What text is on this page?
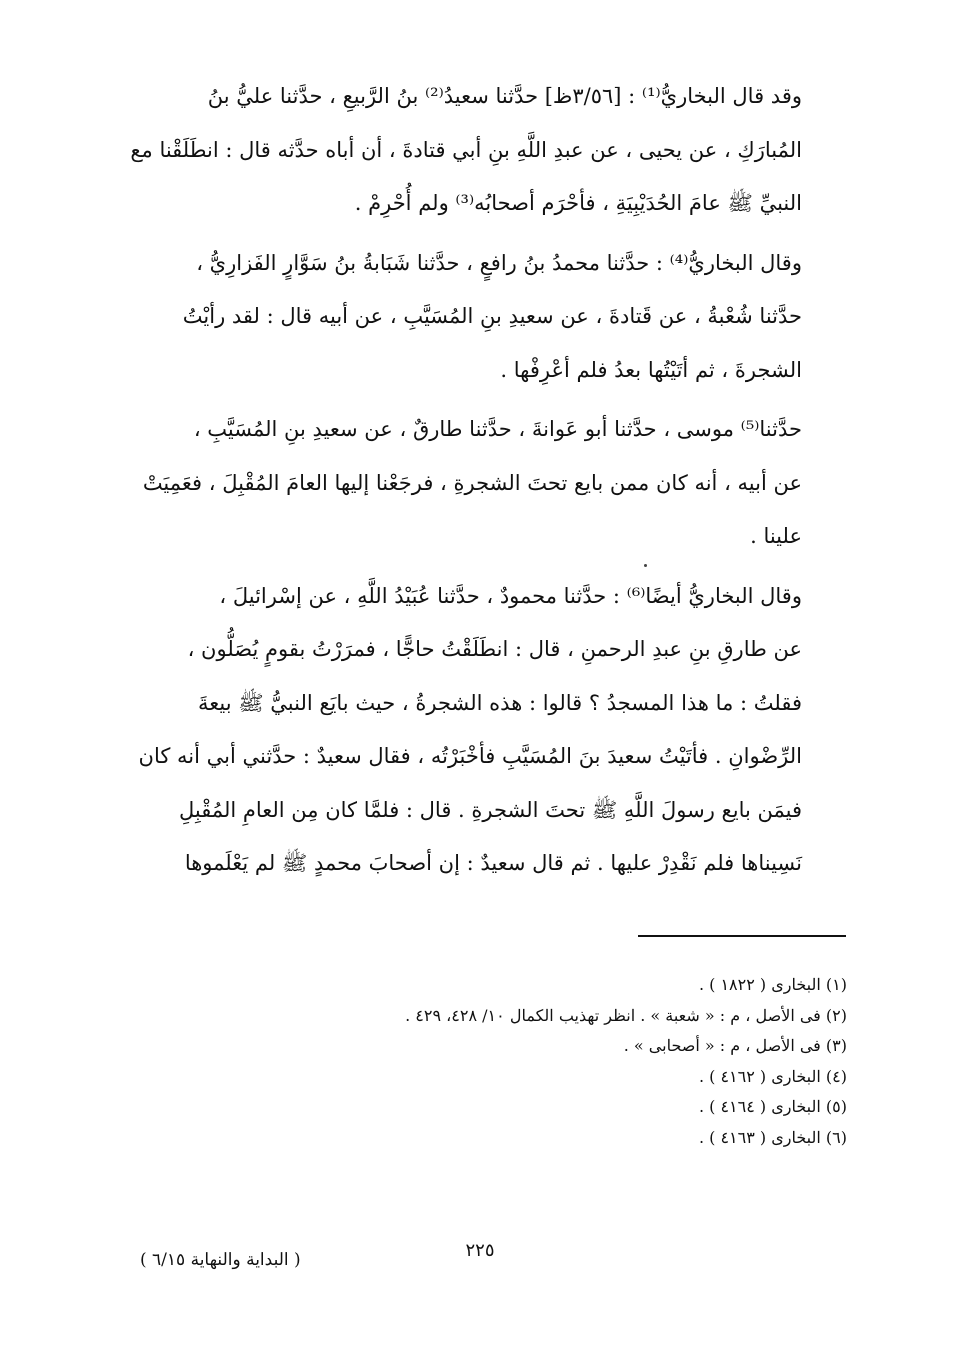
وقد قال البخاريُّ⁽¹⁾ : [٣/٥٦ظ] حدَّثنا سعيدُ⁽²⁾ بنُ الرَّبيعِ ، حدَّثنا عليُّ بنُ
المُبارَكِ ، عن يحيى ، عن عبدِ اللَّهِ بنِ أبي قتادةَ ، أن أباه حدَّثه قال : انطَلَقْنا مع
النبيِّ ﷺ عامَ الحُدَيْبِيَةِ ، فأحْرَم أصحابُه⁽³⁾ ولم أُحْرِمْ .

وقال البخاريُّ⁽⁴⁾ : حدَّثنا محمدُ بنُ رافعٍ ، حدَّثنا شَبَابةُ بنُ سَوَّارٍ الفَزارِيُّ ،
حدَّثنا شُعْبةُ ، عن قَتادةَ ، عن سعيدِ بنِ المُسَيَّبِ ، عن أبيه قال : لقد رأيْتُ
الشجرةَ ، ثم أتَيْتُها بعدُ فلم أعْرِفْها .

حدَّثنا⁽⁵⁾ موسى ، حدَّثنا أبو عَوانةَ ، حدَّثنا طارقٌ ، عن سعيدِ بنِ المُسَيَّبِ ،
عن أبيه ، أنه كان ممن بايع تحتَ الشجرةِ ، فرجَعْنا إليها العامَ المُقْبِلَ ، فعَمِيَتْ
علينا .

وقال البخاريُّ أيضًا⁽⁶⁾ : حدَّثنا محمودٌ ، حدَّثنا عُبَيْدُ اللَّهِ ، عن إسْرائيلَ ،
عن طارقِ بنِ عبدِ الرحمنِ ، قال : انطَلَقْتُ حاجًّا ، فمرَرْتُ بقومٍ يُصَلُّون ،
فقلتُ : ما هذا المسجدُ ؟ قالوا : هذه الشجرةُ ، حيث بايَع النبيُّ ﷺ بيعةَ
الرِّضْوانِ . فأتَيْتُ سعيدَ بنَ المُسَيَّبِ فأخْبَرْتُه ، فقال سعيدٌ : حدَّثني أبي أنه كان
فيمَن بايع رسولَ اللَّهِ ﷺ تحتَ الشجرةِ . قال : فلمَّا كان مِن العامِ المُقْبِلِ
نَسِيناها فلم نَقْدِرْ عليها . ثم قال سعيدٌ : إن أصحابَ محمدٍ ﷺ لم يَعْلَموها

(١) البخارى ( ١٨٢٢ ) .
(٢) فى الأصل ، م : « شعبة » . انظر تهذيب الكمال ١٠/ ٤٢٨، ٤٢٩ .
(٣) فى الأصل ، م : « أصحابى » .
(٤) البخارى ( ٤١٦٢ ) .
(٥) البخارى ( ٤١٦٤ ) .
(٦) البخارى ( ٤١٦٣ ) .
٢٢٥
( البداية والنهاية ٦/١٥ )
